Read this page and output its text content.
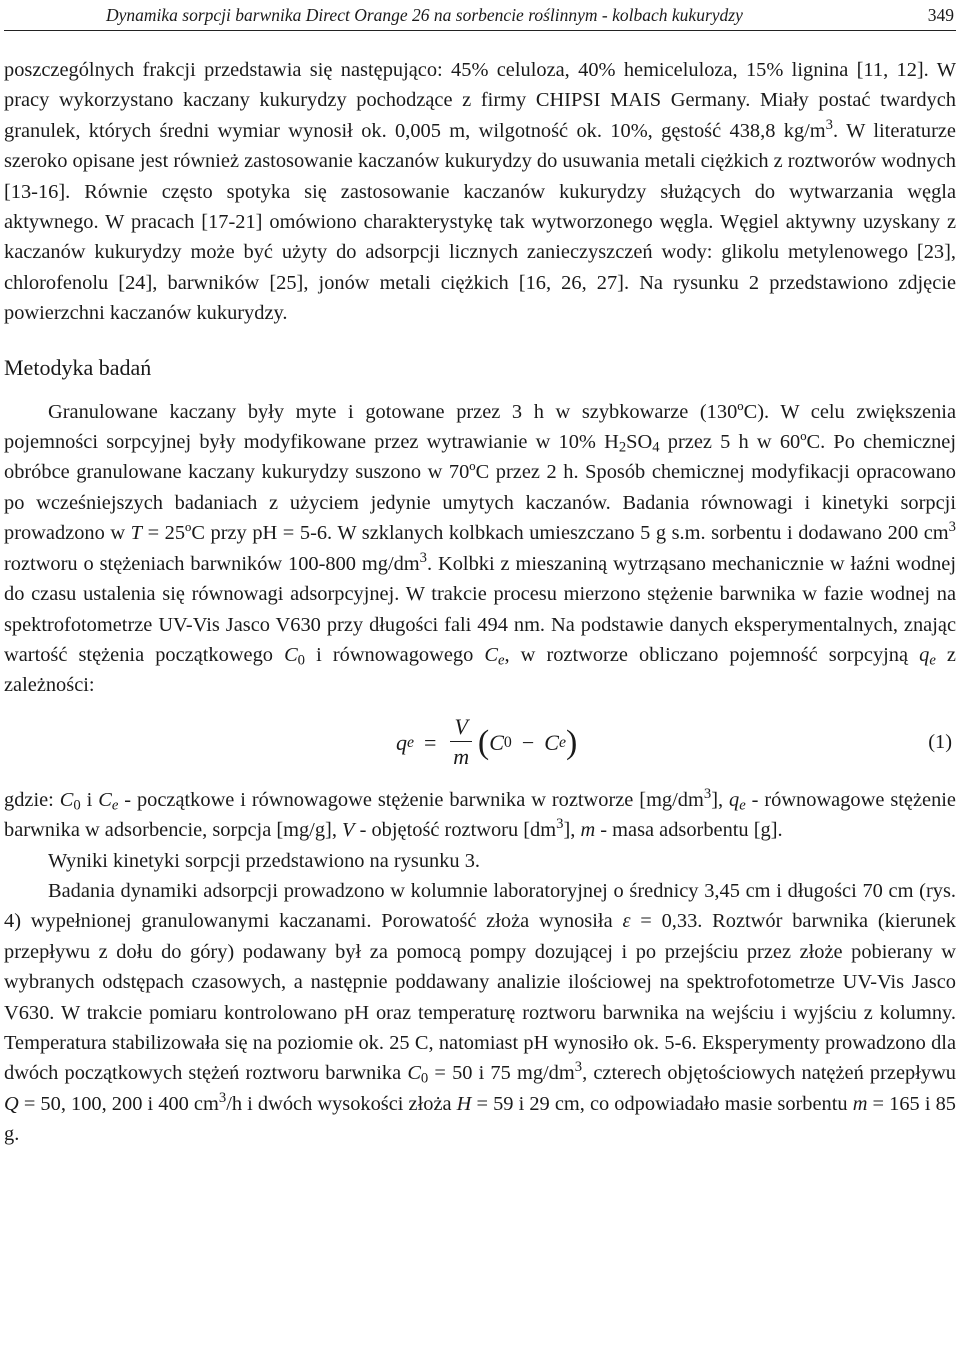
Dynamika sorpcji barwnika Direct Orange 26 na sorbencie roślinnym - kolbach kukurydzy	349

poszczególnych frakcji przedstawia się następująco: 45% celuloza, 40% hemiceluloza, 15% lignina [11, 12]. W pracy wykorzystano kaczany kukurydzy pochodzące z firmy CHIPSI MAIS Germany. Miały postać twardych granulek, których średni wymiar wynosił ok. 0,005 m, wilgotność ok. 10%, gęstość 438,8 $kg/m^3$. W literaturze szeroko opisane jest również zastosowanie kaczanów kukurydzy do usuwania metali ciężkich z roztworów wodnych [13-16]. Równie często spotyka się zastosowanie kaczanów kukurydzy służących do wytwarzania węgla aktywnego. W pracach [17-21] omówiono charakterystykę tak wytworzonego węgla. Węgiel aktywny uzyskany z kaczanów kukurydzy może być użyty do adsorpcji licznych zanieczyszczeń wody: glikolu metylenowego [23], chlorofenolu [24], barwników [25], jonów metali ciężkich [16, 26, 27]. Na rysunku 2 przedstawiono zdjęcie powierzchni kaczanów kukurydzy.

Metodyka badań

Granulowane kaczany były myte i gotowane przez 3 h w szybkowarze (130ºC). W celu zwiększenia pojemności sorpcyjnej były modyfikowane przez wytrawianie w 10% $H_2SO_4$ przez 5 h w 60ºC. Po chemicznej obróbce granulowane kaczany kukurydzy suszono w 70ºC przez 2 h. Sposób chemicznej modyfikacji opracowano po wcześniejszych badaniach z użyciem jedynie umytych kaczanów. Badania równowagi i kinetyki sorpcji prowadzono w T = 25ºC przy pH = 5-6. W szklanych kolbkach umieszczano 5 g s.m. sorbentu i dodawano 200 $cm^3$ roztworu o stężeniach barwników 100-800 $mg/dm^3$. Kolbki z mieszaniną wytrząsano mechanicznie w łaźni wodnej do czasu ustalenia się równowagi adsorpcyjnej. W trakcie procesu mierzono stężenie barwnika w fazie wodnej na spektrofotometrze UV-Vis Jasco V630 przy długości fali 494 nm. Na podstawie danych eksperymentalnych, znając wartość stężenia początkowego $C_0$ i równowagowego $C_e$, w roztworze obliczano pojemność sorpcyjną $q_e$ z zależności:

q $e = \frac{V}{m}$ ( C 0 − C e )	(1)

gdzie: $C_0$ i $C_e$ - początkowe i równowagowe stężenie barwnika w roztworze $[mg/dm^3]$, $q_e$ - równowagowe stężenie barwnika w adsorbencie, sorpcja [mg/g], V - objętość roztworu $[dm^3]$, m - masa adsorbentu [g].

Wyniki kinetyki sorpcji przedstawiono na rysunku 3.

Badania dynamiki adsorpcji prowadzono w kolumnie laboratoryjnej o średnicy 3,45 cm i długości 70 cm (rys. 4) wypełnionej granulowanymi kaczanami. Porowatość złoża wynosiła ε = 0,33. Roztwór barwnika (kierunek przepływu z dołu do góry) podawany był za pomocą pompy dozującej i po przejściu przez złoże pobierany w wybranych odstępach czasowych, a następnie poddawany analizie ilościowej na spektrofotometrze UV-Vis Jasco V630. W trakcie pomiaru kontrolowano pH oraz temperaturę roztworu barwnika na wejściu i wyjściu z kolumny. Temperatura stabilizowała się na poziomie ok. 25 C, natomiast pH wynosiło ok. 5-6. Eksperymenty prowadzono dla dwóch początkowych stężeń roztworu barwnika $C_0 = 50$ i 75 $mg/dm^3$, czterech objętościowych natężeń przepływu Q = 50, 100, 200 i 400 $cm^3/h$ i dwóch wysokości złoża H = 59 i 29 cm, co odpowiadało masie sorbentu m = 165 i 85 g.
